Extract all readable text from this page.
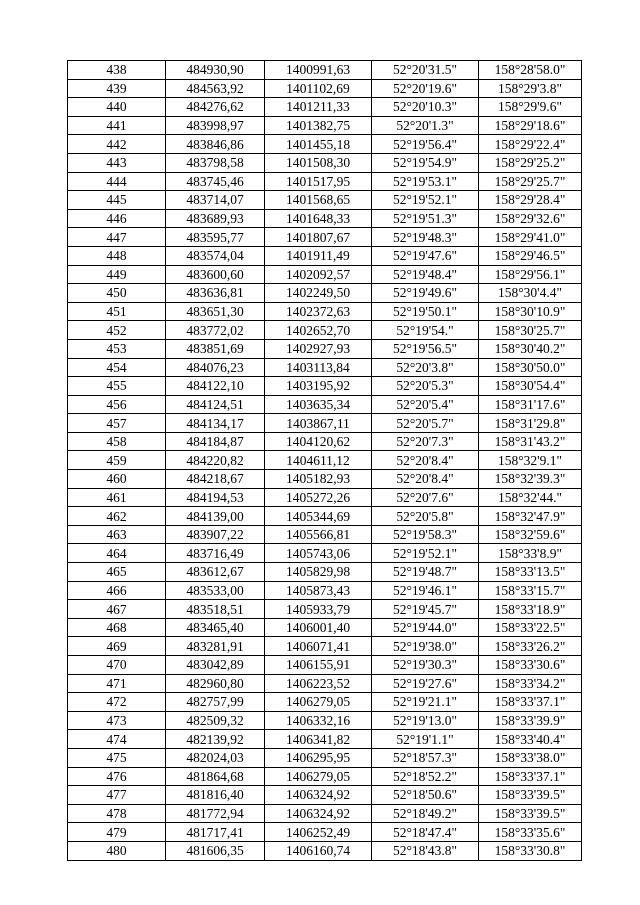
438	484930,90	1400991,63	52°20'31.5"	158°28'58.0"
439	484563,92	1401102,69	52°20'19.6"	158°29'3.8"
440	484276,62	1401211,33	52°20'10.3"	158°29'9.6"
441	483998,97	1401382,75	52°20'1.3"	158°29'18.6"
442	483846,86	1401455,18	52°19'56.4"	158°29'22.4"
443	483798,58	1401508,30	52°19'54.9"	158°29'25.2"
444	483745,46	1401517,95	52°19'53.1"	158°29'25.7"
445	483714,07	1401568,65	52°19'52.1"	158°29'28.4"
446	483689,93	1401648,33	52°19'51.3"	158°29'32.6"
447	483595,77	1401807,67	52°19'48.3"	158°29'41.0"
448	483574,04	1401911,49	52°19'47.6"	158°29'46.5"
449	483600,60	1402092,57	52°19'48.4"	158°29'56.1"
450	483636,81	1402249,50	52°19'49.6"	158°30'4.4"
451	483651,30	1402372,63	52°19'50.1"	158°30'10.9"
452	483772,02	1402652,70	52°19'54."	158°30'25.7"
453	483851,69	1402927,93	52°19'56.5"	158°30'40.2"
454	484076,23	1403113,84	52°20'3.8"	158°30'50.0"
455	484122,10	1403195,92	52°20'5.3"	158°30'54.4"
456	484124,51	1403635,34	52°20'5.4"	158°31'17.6"
457	484134,17	1403867,11	52°20'5.7"	158°31'29.8"
458	484184,87	1404120,62	52°20'7.3"	158°31'43.2"
459	484220,82	1404611,12	52°20'8.4"	158°32'9.1"
460	484218,67	1405182,93	52°20'8.4"	158°32'39.3"
461	484194,53	1405272,26	52°20'7.6"	158°32'44."
462	484139,00	1405344,69	52°20'5.8"	158°32'47.9"
463	483907,22	1405566,81	52°19'58.3"	158°32'59.6"
464	483716,49	1405743,06	52°19'52.1"	158°33'8.9"
465	483612,67	1405829,98	52°19'48.7"	158°33'13.5"
466	483533,00	1405873,43	52°19'46.1"	158°33'15.7"
467	483518,51	1405933,79	52°19'45.7"	158°33'18.9"
468	483465,40	1406001,40	52°19'44.0"	158°33'22.5"
469	483281,91	1406071,41	52°19'38.0"	158°33'26.2"
470	483042,89	1406155,91	52°19'30.3"	158°33'30.6"
471	482960,80	1406223,52	52°19'27.6"	158°33'34.2"
472	482757,99	1406279,05	52°19'21.1"	158°33'37.1"
473	482509,32	1406332,16	52°19'13.0"	158°33'39.9"
474	482139,92	1406341,82	52°19'1.1"	158°33'40.4"
475	482024,03	1406295,95	52°18'57.3"	158°33'38.0"
476	481864,68	1406279,05	52°18'52.2"	158°33'37.1"
477	481816,40	1406324,92	52°18'50.6"	158°33'39.5"
478	481772,94	1406324,92	52°18'49.2"	158°33'39.5"
479	481717,41	1406252,49	52°18'47.4"	158°33'35.6"
480	481606,35	1406160,74	52°18'43.8"	158°33'30.8"
